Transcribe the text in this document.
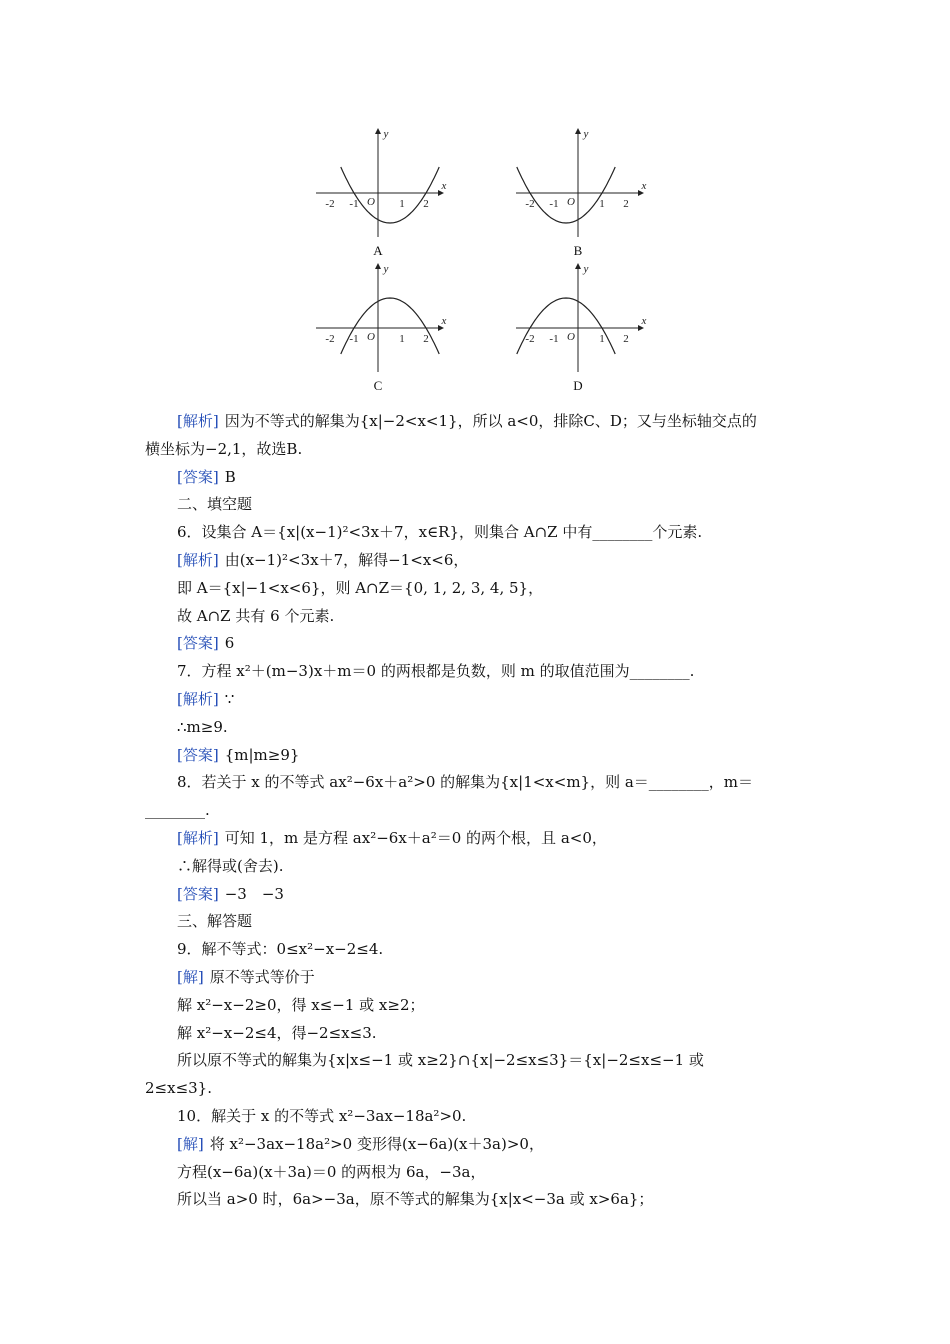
-2 -1 O 1 2
x
y
A
-2 -1 O 1 2
x
y
B
-2 -1 O 1 2
x
y
C
-2 -1 O 1 2
x
y
D
[解析] 因为不等式的解集为{x|−2<x<1}，所以 a<0，排除C、D；又与坐标轴交点的
横坐标为−2,1，故选B.
[答案] B
二、填空题
6．设集合 A＝{x|(x−1)²<3x＋7，x∈R}，则集合 A∩Z 中有________个元素.
[解析] 由(x−1)²<3x＋7，解得−1<x<6，
即 A＝{x|−1<x<6}，则 A∩Z＝{0, 1, 2, 3, 4, 5}，
故 A∩Z 共有 6 个元素.
[答案] 6
7．方程 x²＋(m−3)x＋m＝0 的两根都是负数，则 m 的取值范围为________.
[解析] ∵
∴m≥9.
[答案] {m|m≥9}
8．若关于 x 的不等式 ax²−6x＋a²>0 的解集为{x|1<x<m}，则 a＝________，m＝
________.
[解析] 可知 1，m 是方程 ax²−6x＋a²＝0 的两个根，且 a<0，
∴解得或(舍去).
[答案] −3　−3
三、解答题
9．解不等式：0≤x²−x−2≤4.
[解] 原不等式等价于
解 x²−x−2≥0，得 x≤−1 或 x≥2；
解 x²−x−2≤4，得−2≤x≤3.
所以原不等式的解集为{x|x≤−1 或 x≥2}∩{x|−2≤x≤3}＝{x|−2≤x≤−1 或
2≤x≤3}.
10．解关于 x 的不等式 x²−3ax−18a²>0.
[解] 将 x²−3ax−18a²>0 变形得(x−6a)(x＋3a)>0，
方程(x−6a)(x＋3a)＝0 的两根为 6a，−3a，
所以当 a>0 时，6a>−3a，原不等式的解集为{x|x<−3a 或 x>6a}；
